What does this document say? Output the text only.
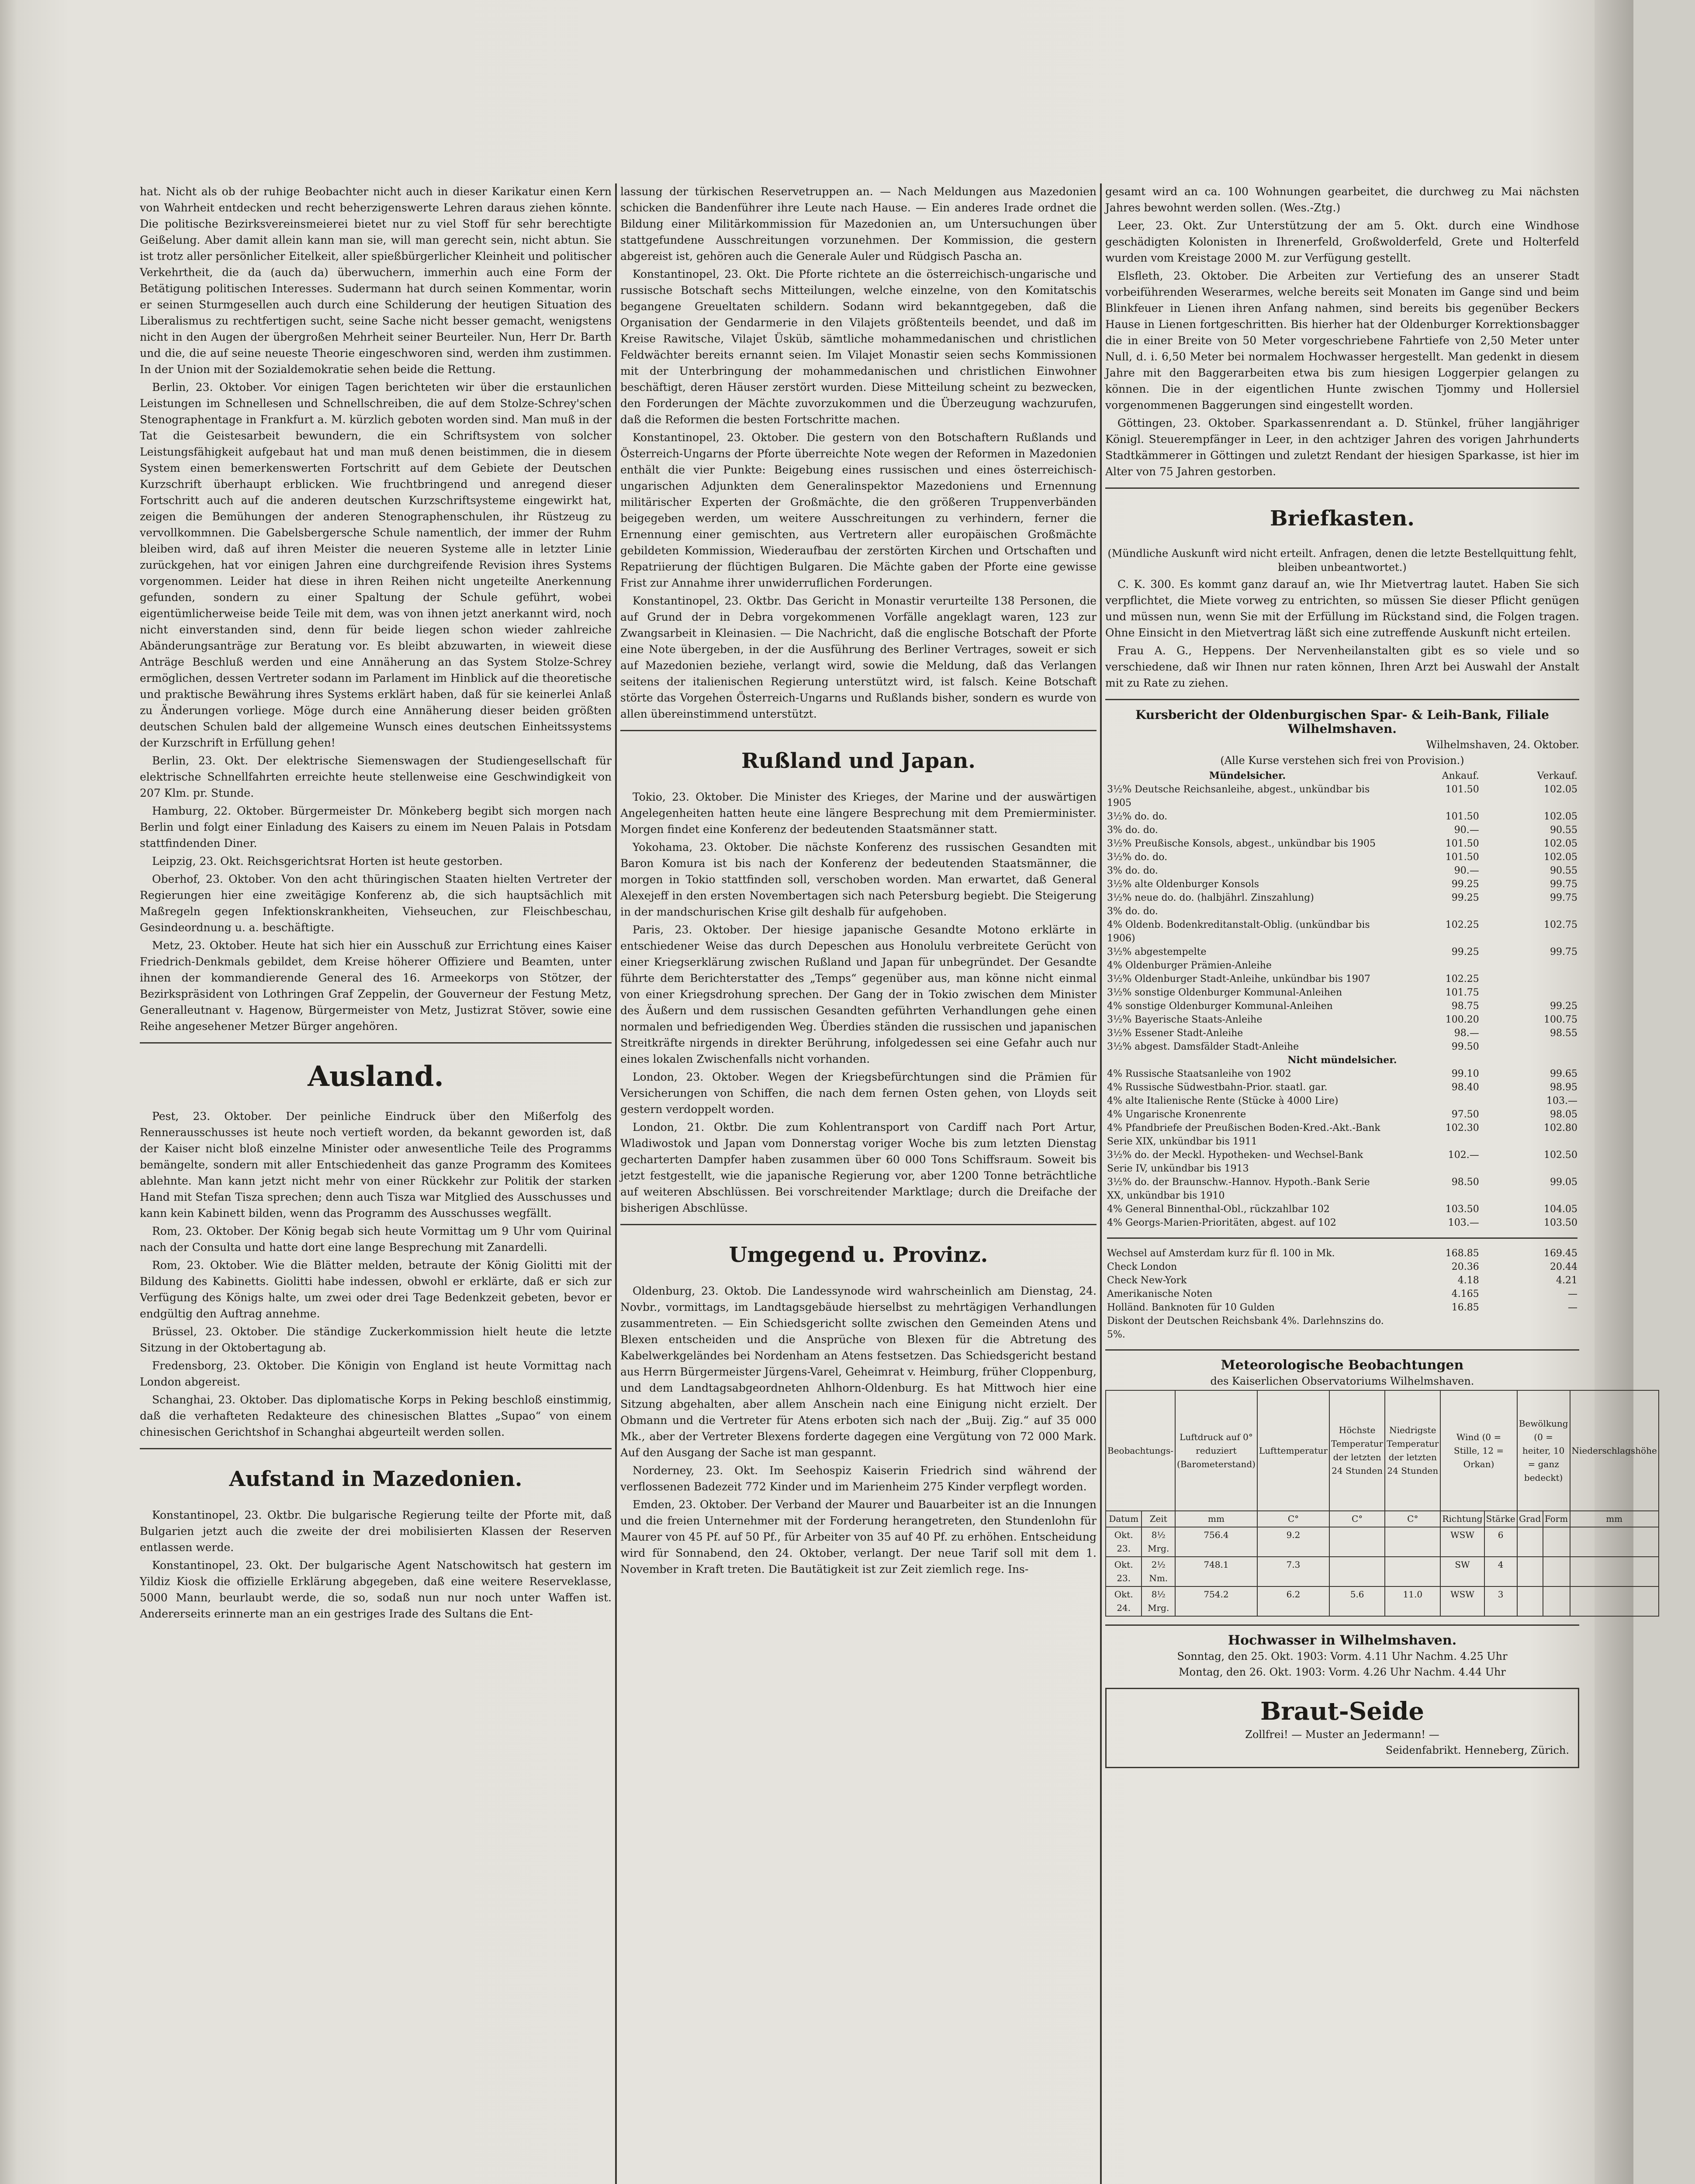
hat. Nicht als ob der ruhige Beobachter nicht auch in dieser Karikatur einen Kern von Wahrheit entdecken und recht beherzigenswerte Lehren daraus ziehen könnte. Die politische Bezirksvereinsmeierei bietet nur zu viel Stoff für sehr berechtigte Geißelung. Aber damit allein kann man sie, will man gerecht sein, nicht abtun. Sie ist trotz aller persönlicher Eitelkeit, aller spießbürgerlicher Kleinheit und politischer Verkehrtheit, die da (auch da) überwuchern, immerhin auch eine Form der Betätigung politischen Interesses. Sudermann hat durch seinen Kommentar, worin er seinen Sturmgesellen auch durch eine Schilderung der heutigen Situation des Liberalismus zu rechtfertigen sucht, seine Sache nicht besser gemacht, wenigstens nicht in den Augen der übergroßen Mehrheit seiner Beurteiler. Nun, Herr Dr. Barth und die, die auf seine neueste Theorie eingeschworen sind, werden ihm zustimmen. In der Union mit der Sozialdemokratie sehen beide die Rettung.

Berlin, 23. Oktober. Vor einigen Tagen berichteten wir über die erstaunlichen Leistungen im Schnellesen und Schnellschreiben, die auf dem Stolze-Schrey'schen Stenographentage in Frankfurt a. M. kürzlich geboten worden sind. Man muß in der Tat die Geistesarbeit bewundern, die ein Schriftsystem von solcher Leistungsfähigkeit aufgebaut hat und man muß denen beistimmen, die in diesem System einen bemerkenswerten Fortschritt auf dem Gebiete der Deutschen Kurzschrift überhaupt erblicken. Wie fruchtbringend und anregend dieser Fortschritt auch auf die anderen deutschen Kurzschriftsysteme eingewirkt hat, zeigen die Bemühungen der anderen Stenographenschulen, ihr Rüstzeug zu vervollkommnen. Die Gabelsbergersche Schule namentlich, der immer der Ruhm bleiben wird, daß auf ihren Meister die neueren Systeme alle in letzter Linie zurückgehen, hat vor einigen Jahren eine durchgreifende Revision ihres Systems vorgenommen. Leider hat diese in ihren Reihen nicht ungeteilte Anerkennung gefunden, sondern zu einer Spaltung der Schule geführt, wobei eigentümlicherweise beide Teile mit dem, was von ihnen jetzt anerkannt wird, noch nicht einverstanden sind, denn für beide liegen schon wieder zahlreiche Abänderungsanträge zur Beratung vor. Es bleibt abzuwarten, in wieweit diese Anträge Beschluß werden und eine Annäherung an das System Stolze-Schrey ermöglichen, dessen Vertreter sodann im Parlament im Hinblick auf die theoretische und praktische Bewährung ihres Systems erklärt haben, daß für sie keinerlei Anlaß zu Änderungen vorliege. Möge durch eine Annäherung dieser beiden größten deutschen Schulen bald der allgemeine Wunsch eines deutschen Einheitssystems der Kurzschrift in Erfüllung gehen!

Berlin, 23. Okt. Der elektrische Siemenswagen der Studiengesellschaft für elektrische Schnellfahrten erreichte heute stellenweise eine Geschwindigkeit von 207 Klm. pr. Stunde.

Hamburg, 22. Oktober. Bürgermeister Dr. Mönkeberg begibt sich morgen nach Berlin und folgt einer Einladung des Kaisers zu einem im Neuen Palais in Potsdam stattfindenden Diner.

Leipzig, 23. Okt. Reichsgerichtsrat Horten ist heute gestorben.

Oberhof, 23. Oktober. Von den acht thüringischen Staaten hielten Vertreter der Regierungen hier eine zweitägige Konferenz ab, die sich hauptsächlich mit Maßregeln gegen Infektionskrankheiten, Viehseuchen, zur Fleischbeschau, Gesindeordnung u. a. beschäftigte.

Metz, 23. Oktober. Heute hat sich hier ein Ausschuß zur Errichtung eines Kaiser Friedrich-Denkmals gebildet, dem Kreise höherer Offiziere und Beamten, unter ihnen der kommandierende General des 16. Armeekorps von Stötzer, der Bezirkspräsident von Lothringen Graf Zeppelin, der Gouverneur der Festung Metz, Generalleutnant v. Hagenow, Bürgermeister von Metz, Justizrat Stöver, sowie eine Reihe angesehener Metzer Bürger angehören.

Ausland.

Pest, 23. Oktober. Der peinliche Eindruck über den Mißerfolg des Rennerausschusses ist heute noch vertieft worden, da bekannt geworden ist, daß der Kaiser nicht bloß einzelne Minister oder anwesentliche Teile des Programms bemängelte, sondern mit aller Entschiedenheit das ganze Programm des Komitees ablehnte. Man kann jetzt nicht mehr von einer Rückkehr zur Politik der starken Hand mit Stefan Tisza sprechen; denn auch Tisza war Mitglied des Ausschusses und kann kein Kabinett bilden, wenn das Programm des Ausschusses wegfällt.

Rom, 23. Oktober. Der König begab sich heute Vormittag um 9 Uhr vom Quirinal nach der Consulta und hatte dort eine lange Besprechung mit Zanardelli.

Rom, 23. Oktober. Wie die Blätter melden, betraute der König Giolitti mit der Bildung des Kabinetts. Giolitti habe indessen, obwohl er erklärte, daß er sich zur Verfügung des Königs halte, um zwei oder drei Tage Bedenkzeit gebeten, bevor er endgültig den Auftrag annehme.

Brüssel, 23. Oktober. Die ständige Zuckerkommission hielt heute die letzte Sitzung in der Oktobertagung ab.

Fredensborg, 23. Oktober. Die Königin von England ist heute Vormittag nach London abgereist.

Schanghai, 23. Oktober. Das diplomatische Korps in Peking beschloß einstimmig, daß die verhafteten Redakteure des chinesischen Blattes „Supao“ von einem chinesischen Gerichtshof in Schanghai abgeurteilt werden sollen.

Aufstand in Mazedonien.

Konstantinopel, 23. Oktbr. Die bulgarische Regierung teilte der Pforte mit, daß Bulgarien jetzt auch die zweite der drei mobilisierten Klassen der Reserven entlassen werde.

Konstantinopel, 23. Okt. Der bulgarische Agent Natschowitsch hat gestern im Yildiz Kiosk die offizielle Erklärung abgegeben, daß eine weitere Reserveklasse, 5000 Mann, beurlaubt werde, die so, sodaß nun nur noch unter Waffen ist. Andererseits erinnerte man an ein gestriges Irade des Sultans die Ent-

lassung der türkischen Reservetruppen an. — Nach Meldungen aus Mazedonien schicken die Bandenführer ihre Leute nach Hause. — Ein anderes Irade ordnet die Bildung einer Militärkommission für Mazedonien an, um Untersuchungen über stattgefundene Ausschreitungen vorzunehmen. Der Kommission, die gestern abgereist ist, gehören auch die Generale Auler und Rüdgisch Pascha an.

Konstantinopel, 23. Okt. Die Pforte richtete an die österreichisch-ungarische und russische Botschaft sechs Mitteilungen, welche einzelne, von den Komitatschis begangene Greueltaten schildern. Sodann wird bekanntgegeben, daß die Organisation der Gendarmerie in den Vilajets größtenteils beendet, und daß im Kreise Rawitsche, Vilajet Üsküb, sämtliche mohammedanischen und christlichen Feldwächter bereits ernannt seien. Im Vilajet Monastir seien sechs Kommissionen mit der Unterbringung der mohammedanischen und christlichen Einwohner beschäftigt, deren Häuser zerstört wurden. Diese Mitteilung scheint zu bezwecken, den Forderungen der Mächte zuvorzukommen und die Überzeugung wachzurufen, daß die Reformen die besten Fortschritte machen.

Konstantinopel, 23. Oktober. Die gestern von den Botschaftern Rußlands und Österreich-Ungarns der Pforte überreichte Note wegen der Reformen in Mazedonien enthält die vier Punkte: Beigebung eines russischen und eines österreichisch-ungarischen Adjunkten dem Generalinspektor Mazedoniens und Ernennung militärischer Experten der Großmächte, die den größeren Truppenverbänden beigegeben werden, um weitere Ausschreitungen zu verhindern, ferner die Ernennung einer gemischten, aus Vertretern aller europäischen Großmächte gebildeten Kommission, Wiederaufbau der zerstörten Kirchen und Ortschaften und Repatriierung der flüchtigen Bulgaren. Die Mächte gaben der Pforte eine gewisse Frist zur Annahme ihrer unwiderruflichen Forderungen.

Konstantinopel, 23. Oktbr. Das Gericht in Monastir verurteilte 138 Personen, die auf Grund der in Debra vorgekommenen Vorfälle angeklagt waren, 123 zur Zwangsarbeit in Kleinasien. — Die Nachricht, daß die englische Botschaft der Pforte eine Note übergeben, in der die Ausführung des Berliner Vertrages, soweit er sich auf Mazedonien beziehe, verlangt wird, sowie die Meldung, daß das Verlangen seitens der italienischen Regierung unterstützt wird, ist falsch. Keine Botschaft störte das Vorgehen Österreich-Ungarns und Rußlands bisher, sondern es wurde von allen übereinstimmend unterstützt.

Rußland und Japan.

Tokio, 23. Oktober. Die Minister des Krieges, der Marine und der auswärtigen Angelegenheiten hatten heute eine längere Besprechung mit dem Premierminister. Morgen findet eine Konferenz der bedeutenden Staatsmänner statt.

Yokohama, 23. Oktober. Die nächste Konferenz des russischen Gesandten mit Baron Komura ist bis nach der Konferenz der bedeutenden Staatsmänner, die morgen in Tokio stattfinden soll, verschoben worden. Man erwartet, daß General Alexejeff in den ersten Novembertagen sich nach Petersburg begiebt. Die Steigerung in der mandschurischen Krise gilt deshalb für aufgehoben.

Paris, 23. Oktober. Der hiesige japanische Gesandte Motono erklärte in entschiedener Weise das durch Depeschen aus Honolulu verbreitete Gerücht von einer Kriegserklärung zwischen Rußland und Japan für unbegründet. Der Gesandte führte dem Berichterstatter des „Temps“ gegenüber aus, man könne nicht einmal von einer Kriegsdrohung sprechen. Der Gang der in Tokio zwischen dem Minister des Äußern und dem russischen Gesandten geführten Verhandlungen gehe einen normalen und befriedigenden Weg. Überdies ständen die russischen und japanischen Streitkräfte nirgends in direkter Berührung, infolgedessen sei eine Gefahr auch nur eines lokalen Zwischenfalls nicht vorhanden.

London, 23. Oktober. Wegen der Kriegsbefürchtungen sind die Prämien für Versicherungen von Schiffen, die nach dem fernen Osten gehen, von Lloyds seit gestern verdoppelt worden.

London, 21. Oktbr. Die zum Kohlentransport von Cardiff nach Port Artur, Wladiwostok und Japan vom Donnerstag voriger Woche bis zum letzten Dienstag gecharterten Dampfer haben zusammen über 60 000 Tons Schiffsraum. Soweit bis jetzt festgestellt, wie die japanische Regierung vor, aber 1200 Tonne beträchtliche auf weiteren Abschlüssen. Bei vorschreitender Marktlage; durch die Dreifache der bisherigen Abschlüsse.

Umgegend u. Provinz.

Oldenburg, 23. Oktob. Die Landessynode wird wahrscheinlich am Dienstag, 24. Novbr., vormittags, im Landtagsgebäude hierselbst zu mehrtägigen Verhandlungen zusammentreten. — Ein Schiedsgericht sollte zwischen den Gemeinden Atens und Blexen entscheiden und die Ansprüche von Blexen für die Abtretung des Kabelwerkgeländes bei Nordenham an Atens festsetzen. Das Schiedsgericht bestand aus Herrn Bürgermeister Jürgens-Varel, Geheimrat v. Heimburg, früher Cloppenburg, und dem Landtagsabgeordneten Ahlhorn-Oldenburg. Es hat Mittwoch hier eine Sitzung abgehalten, aber allem Anschein nach eine Einigung nicht erzielt. Der Obmann und die Vertreter für Atens erboten sich nach der „Buij. Zig.“ auf 35 000 Mk., aber der Vertreter Blexens forderte dagegen eine Vergütung von 72 000 Mark. Auf den Ausgang der Sache ist man gespannt.

Norderney, 23. Okt. Im Seehospiz Kaiserin Friedrich sind während der verflossenen Badezeit 772 Kinder und im Marienheim 275 Kinder verpflegt worden.

Emden, 23. Oktober. Der Verband der Maurer und Bauarbeiter ist an die Innungen und die freien Unternehmer mit der Forderung herangetreten, den Stundenlohn für Maurer von 45 Pf. auf 50 Pf., für Arbeiter von 35 auf 40 Pf. zu erhöhen. Entscheidung wird für Sonnabend, den 24. Oktober, verlangt. Der neue Tarif soll mit dem 1. November in Kraft treten. Die Bautätigkeit ist zur Zeit ziemlich rege. Ins-

gesamt wird an ca. 100 Wohnungen gearbeitet, die durchweg zu Mai nächsten Jahres bewohnt werden sollen. (Wes.-Ztg.)

Leer, 23. Okt. Zur Unterstützung der am 5. Okt. durch eine Windhose geschädigten Kolonisten in Ihrenerfeld, Großwolderfeld, Grete und Holterfeld wurden vom Kreistage 2000 M. zur Verfügung gestellt.

Elsfleth, 23. Oktober. Die Arbeiten zur Vertiefung des an unserer Stadt vorbeiführenden Weserarmes, welche bereits seit Monaten im Gange sind und beim Blinkfeuer in Lienen ihren Anfang nahmen, sind bereits bis gegenüber Beckers Hause in Lienen fortgeschritten. Bis hierher hat der Oldenburger Korrektionsbagger die in einer Breite von 50 Meter vorgeschriebene Fahrtiefe von 2,50 Meter unter Null, d. i. 6,50 Meter bei normalem Hochwasser hergestellt. Man gedenkt in diesem Jahre mit den Baggerarbeiten etwa bis zum hiesigen Loggerpier gelangen zu können. Die in der eigentlichen Hunte zwischen Tjommy und Hollersiel vorgenommenen Baggerungen sind eingestellt worden.

Göttingen, 23. Oktober. Sparkassenrendant a. D. Stünkel, früher langjähriger Königl. Steuerempfänger in Leer, in den achtziger Jahren des vorigen Jahrhunderts Stadtkämmerer in Göttingen und zuletzt Rendant der hiesigen Sparkasse, ist hier im Alter von 75 Jahren gestorben.

Briefkasten.
(Mündliche Auskunft wird nicht erteilt. Anfragen, denen die letzte Bestellquittung fehlt, bleiben unbeantwortet.)

C. K. 300. Es kommt ganz darauf an, wie Ihr Mietvertrag lautet. Haben Sie sich verpflichtet, die Miete vorweg zu entrichten, so müssen Sie dieser Pflicht genügen und müssen nun, wenn Sie mit der Erfüllung im Rückstand sind, die Folgen tragen. Ohne Einsicht in den Mietvertrag läßt sich eine zutreffende Auskunft nicht erteilen.

Frau A. G., Heppens. Der Nervenheilanstalten gibt es so viele und so verschiedene, daß wir Ihnen nur raten können, Ihren Arzt bei Auswahl der Anstalt mit zu Rate zu ziehen.

Kursbericht der Oldenburgischen Spar- & Leih-Bank, Filiale Wilhelmshaven.
Wilhelmshaven, 24. Oktober.
(Alle Kurse verstehen sich frei von Provision.)
Mündelsicher.	Ankauf.	Verkauf.
3½% Deutsche Reichsanleihe, abgest., unkündbar bis 1905	101.50	102.05
3½% do. do.	101.50	102.05
3% do. do.	90.—	90.55
3½% Preußische Konsols, abgest., unkündbar bis 1905	101.50	102.05
3½% do. do.	101.50	102.05
3% do. do.	90.—	90.55
3½% alte Oldenburger Konsols	99.25	99.75
3½% neue do. do. (halbjährl. Zinszahlung)	99.25	99.75
3% do. do.		
4% Oldenb. Bodenkreditanstalt-Oblig. (unkündbar bis 1906)	102.25	102.75
3½% abgestempelte	99.25	99.75
4% Oldenburger Prämien-Anleihe		
3½% Oldenburger Stadt-Anleihe, unkündbar bis 1907	102.25	
3½% sonstige Oldenburger Kommunal-Anleihen	101.75	
4% sonstige Oldenburger Kommunal-Anleihen	98.75	99.25
3½% Bayerische Staats-Anleihe	100.20	100.75
3½% Essener Stadt-Anleihe	98.—	98.55
3½% abgest. Damsfälder Stadt-Anleihe	99.50	
Nicht mündelsicher.		
4% Russische Staatsanleihe von 1902	99.10	99.65
4% Russische Südwestbahn-Prior. staatl. gar.	98.40	98.95
4% alte Italienische Rente (Stücke à 4000 Lire)		103.—
4% Ungarische Kronenrente	97.50	98.05
4% Pfandbriefe der Preußischen Boden-Kred.-Akt.-Bank Serie XIX, unkündbar bis 1911	102.30	102.80
3½% do. der Meckl. Hypotheken- und Wechsel-Bank Serie IV, unkündbar bis 1913	102.—	102.50
3½% do. der Braunschw.-Hannov. Hypoth.-Bank Serie XX, unkündbar bis 1910	98.50	99.05
4% General Binnenthal-Obl., rückzahlbar 102	103.50	104.05
4% Georgs-Marien-Prioritäten, abgest. auf 102	103.—	103.50

Wechsel auf Amsterdam kurz für fl. 100 in Mk.	168.85	169.45
Check London	20.36	20.44
Check New-York	4.18	4.21
Amerikanische Noten	4.165	—
Holländ. Banknoten für 10 Gulden	16.85	—
Diskont der Deutschen Reichsbank 4%. Darlehnszins do. 5%.		
Meteorologische Beobachtungen
des Kaiserlichen Observatoriums Wilhelmshaven.
Beobachtungs-		Luftdruck auf 0° reduziert (Barometerstand)	Lufttemperatur	Höchste Temperatur der letzten 24 Stunden	Niedrigste Temperatur der letzten 24 Stunden	Wind (0 = Stille, 12 = Orkan)		Bewölkung (0 = heiter, 10 = ganz bedeckt)		Niederschlagshöhe
Datum	Zeit	mm	C°	C°	C°	Richtung	Stärke	Grad	Form	mm
Okt. 23.	8½ Mrg.	756.4	9.2			WSW	6			
Okt. 23.	2½ Nm.	748.1	7.3			SW	4			
Okt. 24.	8½ Mrg.	754.2	6.2	5.6	11.0	WSW	3			
Hochwasser in Wilhelmshaven.
Sonntag, den 25. Okt. 1903: Vorm. 4.11 Uhr Nachm. 4.25 Uhr
Montag, den 26. Okt. 1903: Vorm. 4.26 Uhr Nachm. 4.44 Uhr
Braut-Seide
Zollfrei! — Muster an Jedermann! —
Seidenfabrikt. Henneberg, Zürich.
